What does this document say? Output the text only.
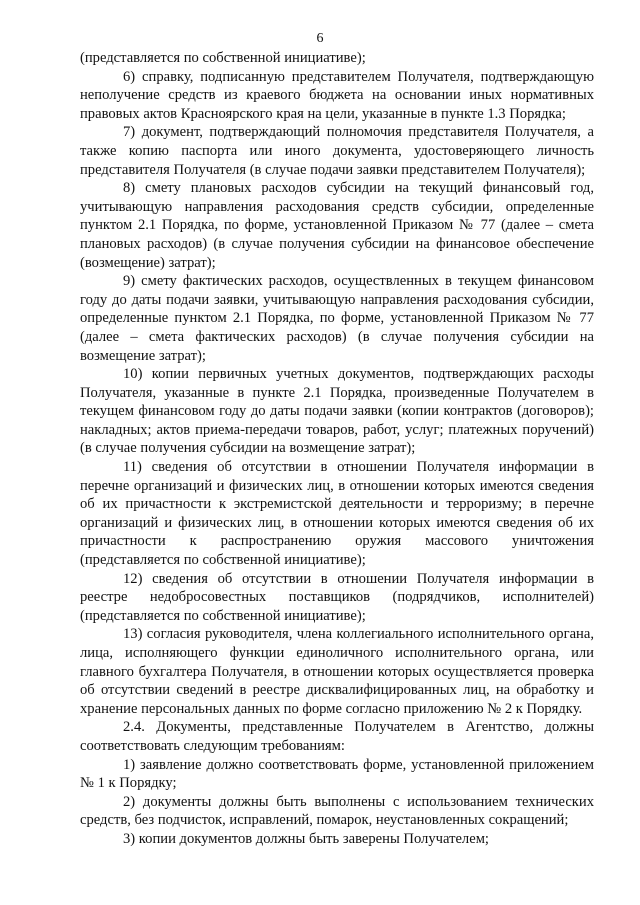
6

(представляется по собственной инициативе);

6) справку, подписанную представителем Получателя, подтверждающую неполучение средств из краевого бюджета на основании иных нормативных правовых актов Красноярского края на цели, указанные в пункте 1.3 Порядка;

7) документ, подтверждающий полномочия представителя Получателя, а также копию паспорта или иного документа, удостоверяющего личность представителя Получателя (в случае подачи заявки представителем Получателя);

8) смету плановых расходов субсидии на текущий финансовый год, учитывающую направления расходования средств субсидии, определенные пунктом 2.1 Порядка, по форме, установленной Приказом № 77 (далее – смета плановых расходов) (в случае получения субсидии на финансовое обеспечение (возмещение) затрат);

9) смету фактических расходов, осуществленных в текущем финансовом году до даты подачи заявки, учитывающую направления расходования субсидии, определенные пунктом 2.1 Порядка, по форме, установленной Приказом № 77 (далее – смета фактических расходов) (в случае получения субсидии на возмещение затрат);

10) копии первичных учетных документов, подтверждающих расходы Получателя, указанные в пункте 2.1 Порядка, произведенные Получателем в текущем финансовом году до даты подачи заявки (копии контрактов (договоров); накладных; актов приема-передачи товаров, работ, услуг; платежных поручений) (в случае получения субсидии на возмещение затрат);

11) сведения об отсутствии в отношении Получателя информации в перечне организаций и физических лиц, в отношении которых имеются сведения об их причастности к экстремистской деятельности и терроризму; в перечне организаций и физических лиц, в отношении которых имеются сведения об их причастности к распространению оружия массового уничтожения (представляется по собственной инициативе);

12) сведения об отсутствии в отношении Получателя информации в реестре недобросовестных поставщиков (подрядчиков, исполнителей) (представляется по собственной инициативе);

13) согласия руководителя, члена коллегиального исполнительного органа, лица, исполняющего функции единоличного исполнительного органа, или главного бухгалтера Получателя, в отношении которых осуществляется проверка об отсутствии сведений в реестре дисквалифицированных лиц, на обработку и хранение персональных данных по форме согласно приложению № 2 к Порядку.

2.4. Документы, представленные Получателем в Агентство, должны соответствовать следующим требованиям:

1) заявление должно соответствовать форме, установленной приложением № 1 к Порядку;

2) документы должны быть выполнены с использованием технических средств, без подчисток, исправлений, помарок, неустановленных сокращений;

3) копии документов должны быть заверены Получателем;
